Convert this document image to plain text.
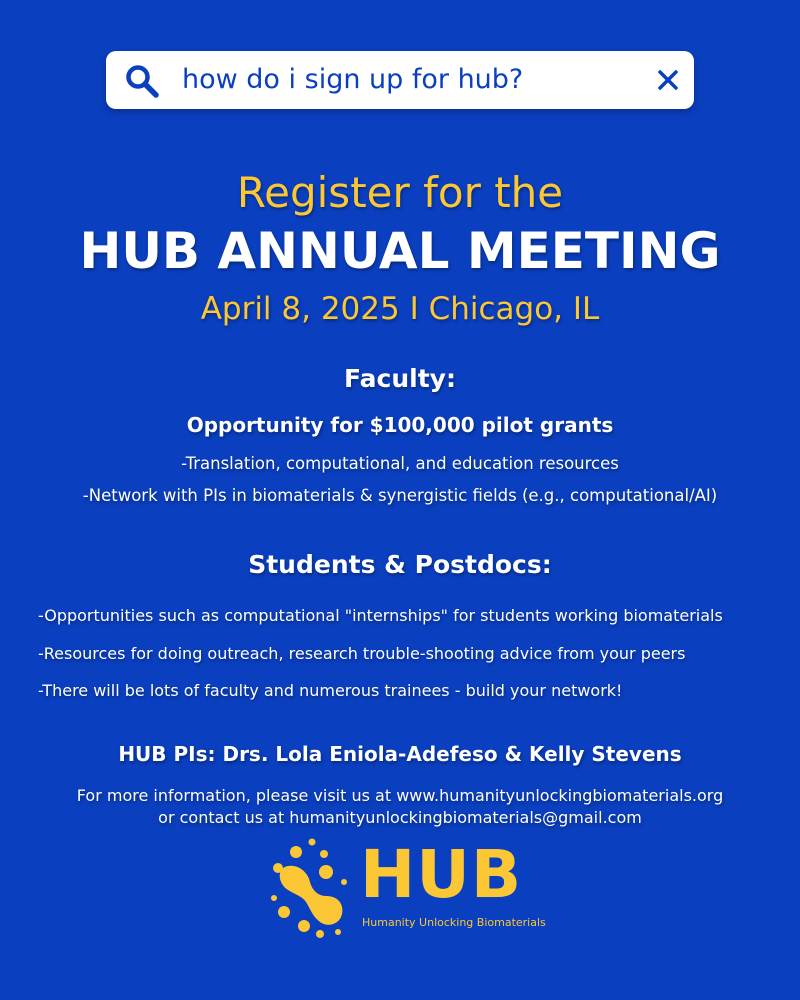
how do i sign up for hub?
Register for the
HUB ANNUAL MEETING
April 8, 2025 I Chicago, IL
Faculty:
Opportunity for $100,000 pilot grants
-Translation, computational, and education resources
-Network with PIs in biomaterials & synergistic fields (e.g., computational/AI)
Students & Postdocs:
-Opportunities such as computational "internships" for students working biomaterials
-Resources for doing outreach, research trouble-shooting advice from your peers
-There will be lots of faculty and numerous trainees - build your network!
HUB PIs: Drs. Lola Eniola-Adefeso & Kelly Stevens
For more information, please visit us at www.humanityunlockingbiomaterials.org
or contact us at humanityunlockingbiomaterials@gmail.com
HUB
Humanity Unlocking Biomaterials
